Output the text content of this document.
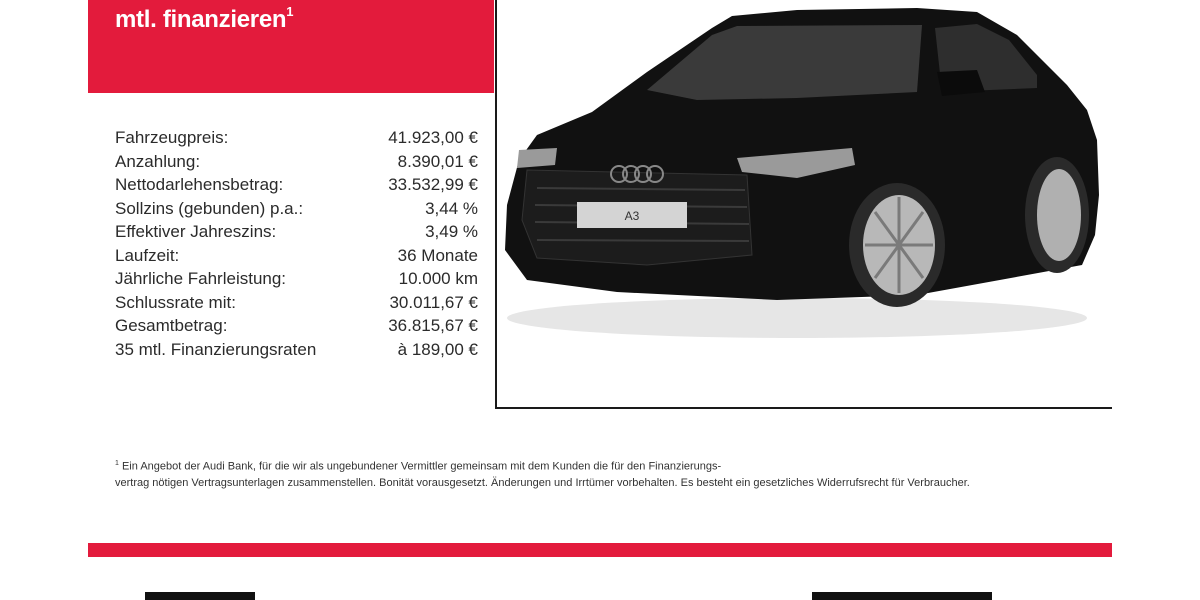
mtl. finanzieren$^1$
Fahrzeugpreis:	41.923,00 €
Anzahlung:	8.390,01 €
Nettodarlehensbetrag:	33.532,99 €
Sollzins (gebunden) p.a.:	3,44 %
Effektiver Jahreszins:	3,49 %
Laufzeit:	36 Monate
Jährliche Fahrleistung:	10.000 km
Schlussrate mit:	30.011,67 €
Gesamtbetrag:	36.815,67 €
35 mtl. Finanzierungsraten	à 189,00 €
A3

$^1$ Ein Angebot der Audi Bank, für die wir als ungebundener Vermittler gemeinsam mit dem Kunden die für den Finanzierungs-

vertrag nötigen Vertragsunterlagen zusammenstellen. Bonität vorausgesetzt. Änderungen und Irrtümer vorbehalten. Es besteht ein gesetzliches Widerrufsrecht für Verbraucher.
